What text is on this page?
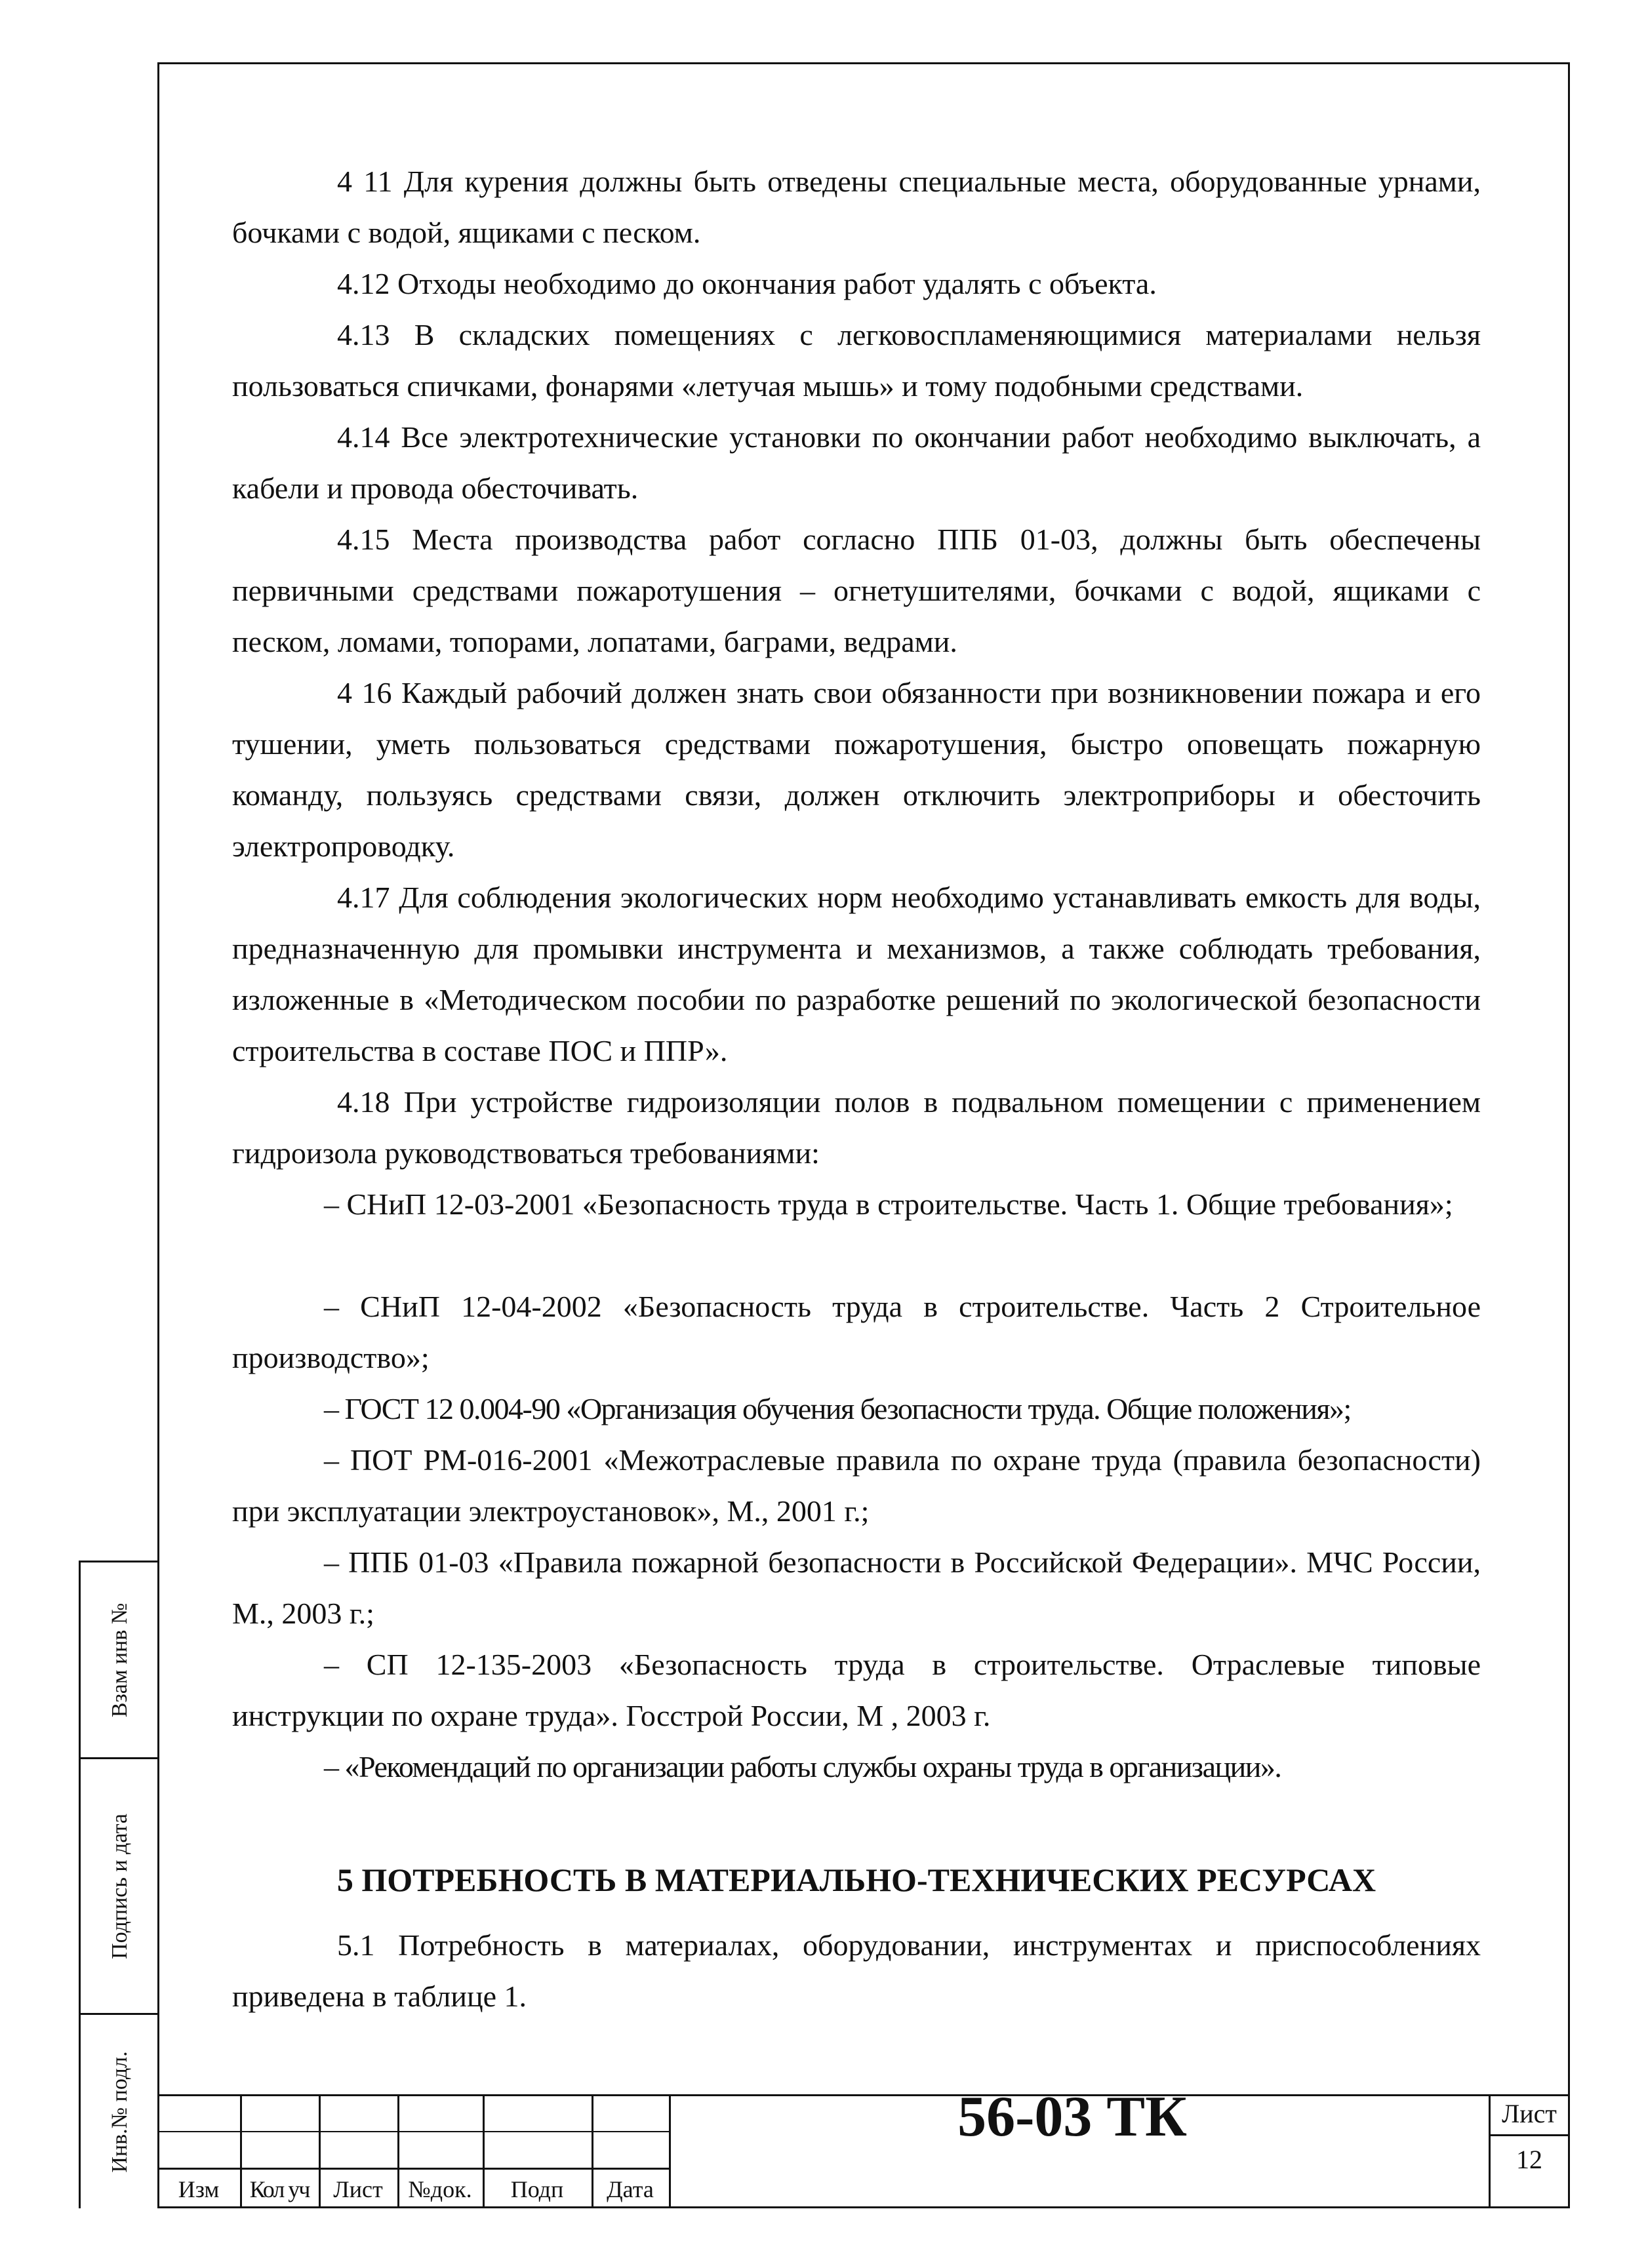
Взам инв №
Подпись и дата
Инв.№ подл.

4 11 Для курения должны быть отведены специальные места, оборудованные урнами, бочками с водой, ящиками с песком.

4.12 Отходы необходимо до окончания работ удалять с объекта.

4.13 В складских помещениях с легковоспламеняющимися материалами нельзя пользоваться спичками, фонарями «летучая мышь» и тому подобными средствами.

4.14 Все электротехнические установки по окончании работ необходимо выключать, а кабели и провода обесточивать.

4.15 Места производства работ согласно ППБ 01-03, должны быть обеспечены первичными средствами пожаротушения – огнетушителями, бочками с водой, ящиками с песком, ломами, топорами, лопатами, баграми, ведрами.

4 16 Каждый рабочий должен знать свои обязанности при возникновении пожара и его тушении, уметь пользоваться средствами пожаротушения, быстро оповещать пожарную команду, пользуясь средствами связи, должен отключить электроприборы и обесточить электропроводку.

4.17 Для соблюдения экологических норм необходимо устанавливать емкость для воды, предназначенную для промывки инструмента и механизмов, а также соблюдать требования, изложенные в «Методическом пособии по разработке решений по экологической безопасности строительства в составе ПОС и ППР».

4.18 При устройстве гидроизоляции полов в подвальном помещении с применением гидроизола руководствоваться требованиями:

– СНиП 12-03-2001 «Безопасность труда в строительстве. Часть 1. Общие требования»;

– СНиП 12-04-2002 «Безопасность труда в строительстве. Часть 2 Строительное производство»;

– ГОСТ 12 0.004-90 «Организация обучения безопасности труда. Общие положения»;

– ПОТ РМ-016-2001 «Межотраслевые правила по охране труда (правила безопасности) при эксплуатации электроустановок», М., 2001 г.;

– ППБ 01-03 «Правила пожарной безопасности в Российской Федерации». МЧС России, М., 2003 г.;

– СП 12-135-2003 «Безопасность труда в строительстве. Отраслевые типовые инструкции по охране труда». Госстрой России, М , 2003 г.

– «Рекомендаций по организации работы службы охраны труда в организации».

5 ПОТРЕБНОСТЬ В МАТЕРИАЛЬНО-ТЕХНИЧЕСКИХ РЕСУРСАХ

5.1 Потребность в материалах, оборудовании, инструментах и приспособлениях приведена в таблице 1.

Изм	Кол уч	Лист	№док.	Подп	Дата
56-03 ТК	Лист
12
